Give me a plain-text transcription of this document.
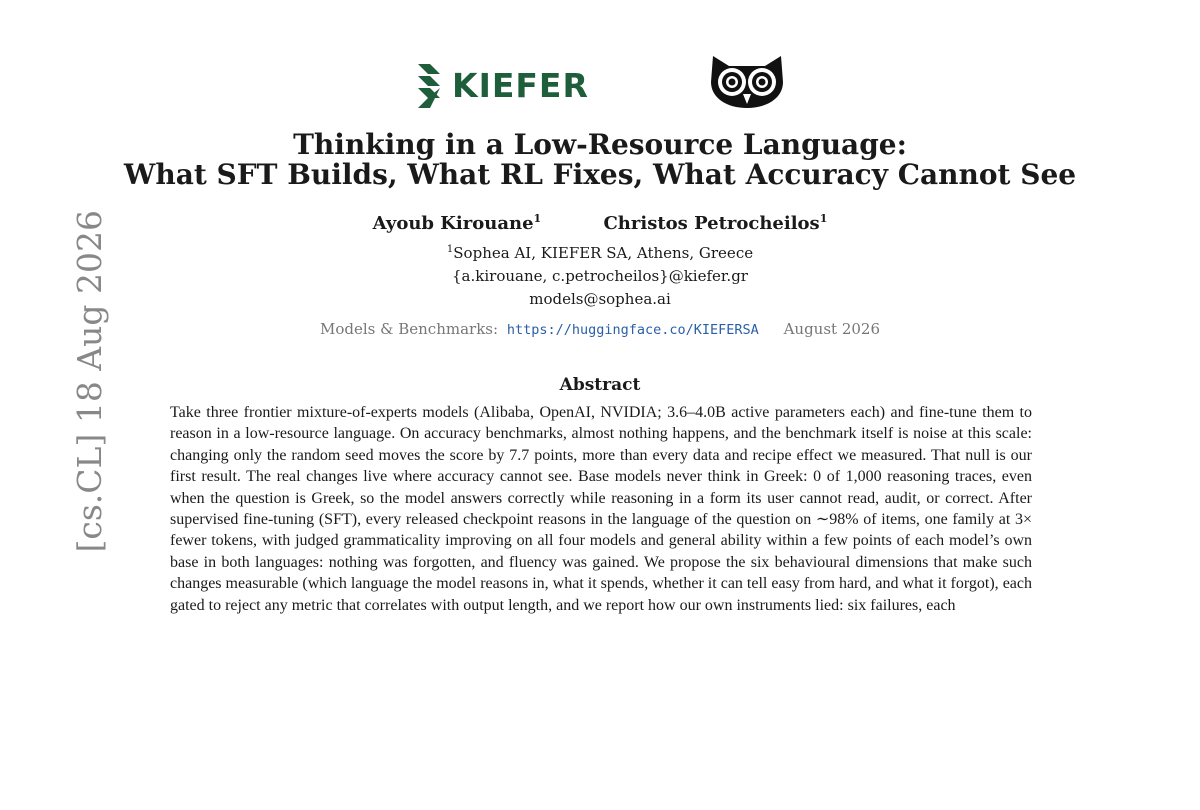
KIEFER
Thinking in a Low-Resource Language:
What SFT Builds, What RL Fixes, What Accuracy Cannot See
Ayoub Kirouane$^1$	Christos Petrocheilos$^1$
$^1$Sophea AI, KIEFER SA, Athens, Greece
{a.kirouane, c.petrocheilos}@kiefer.gr
models@sophea.ai
Models & Benchmarks: https://huggingface.co/KIEFERSA August 2026
Abstract

Take three frontier mixture-of-experts models (Alibaba, OpenAI, NVIDIA; 3.6–4.0B active parameters each) and fine-tune them to reason in a low-resource language. On accuracy benchmarks, almost nothing happens, and the benchmark itself is noise at this scale: changing only the random seed moves the score by 7.7 points, more than every data and recipe effect we measured. That null is our first result. The real changes live where accuracy cannot see. Base models never think in Greek: 0 of 1,000 reasoning traces, even when the question is Greek, so the model answers correctly while reasoning in a form its user cannot read, audit, or correct. After supervised fine-tuning (SFT), every released checkpoint reasons in the language of the question on ∼98% of items, one family at 3× fewer tokens, with judged grammaticality improving on all four models and general ability within a few points of each model’s own base in both languages: nothing was forgotten, and fluency was gained. We propose the six behavioural dimensions that make such changes measurable (which language the model reasons in, what it spends, whether it can tell easy from hard, and what it forgot), each gated to reject any metric that correlates with output length, and we report how our own instruments lied: six failures, each

[cs.CL] 18 Aug 2026
